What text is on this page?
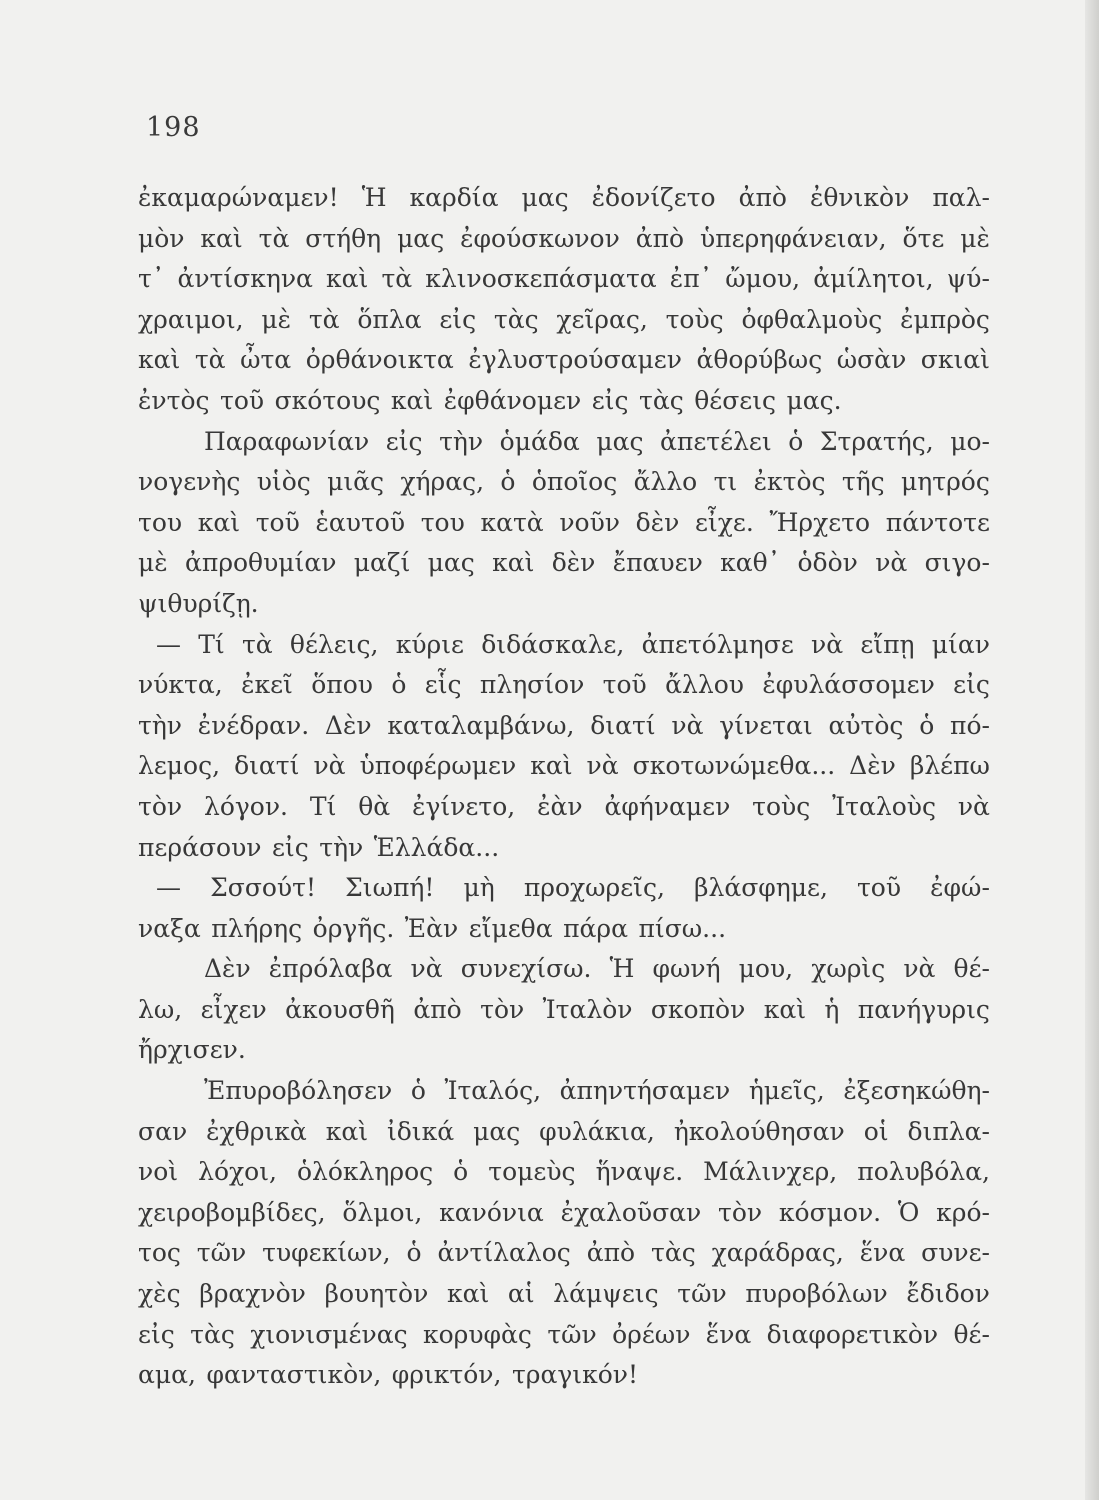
198
ἐκαμαρώναμεν! Ἡ καρδία μας ἐδονίζετο ἀπὸ ἐθνικὸν παλ-
μὸν καὶ τὰ στήθη μας ἐφούσκωνον ἀπὸ ὑπερηφάνειαν, ὅτε μὲ
τ᾿ ἀντίσκηνα καὶ τὰ κλινοσκεπάσματα ἐπ᾿ ὤμου, ἀμίλητοι, ψύ-
χραιμοι, μὲ τὰ ὅπλα εἰς τὰς χεῖρας, τοὺς ὀφθαλμοὺς ἐμπρὸς
καὶ τὰ ὦτα ὀρθάνοικτα ἐγλυστρούσαμεν ἀθορύβως ὡσὰν σκιαὶ
ἐντὸς τοῦ σκότους καὶ ἐφθάνομεν εἰς τὰς θέσεις μας.
Παραφωνίαν εἰς τὴν ὁμάδα μας ἀπετέλει ὁ Στρατής, μο-
νογενὴς υἱὸς μιᾶς χήρας, ὁ ὁποῖος ἄλλο τι ἐκτὸς τῆς μητρός
του καὶ τοῦ ἑαυτοῦ του κατὰ νοῦν δὲν εἶχε. Ἤρχετο πάντοτε
μὲ ἀπροθυμίαν μαζί μας καὶ δὲν ἔπαυεν καθ᾿ ὁδὸν νὰ σιγο-
ψιθυρίζῃ.
— Τί τὰ θέλεις, κύριε διδάσκαλε, ἀπετόλμησε νὰ εἴπῃ μίαν
νύκτα, ἐκεῖ ὅπου ὁ εἷς πλησίον τοῦ ἄλλου ἐφυλάσσομεν εἰς
τὴν ἐνέδραν. Δὲν καταλαμβάνω, διατί νὰ γίνεται αὐτὸς ὁ πό-
λεμος, διατί νὰ ὑποφέρωμεν καὶ νὰ σκοτωνώμεθα... Δὲν βλέπω
τὸν λόγον. Τί θὰ ἐγίνετο, ἐὰν ἀφήναμεν τοὺς Ἰταλοὺς νὰ
περάσουν εἰς τὴν Ἑλλάδα...
— Σσσούτ! Σιωπή! μὴ προχωρεῖς, βλάσφημε, τοῦ ἐφώ-
ναξα πλήρης ὀργῆς. Ἐὰν εἴμεθα πάρα πίσω...
Δὲν ἐπρόλαβα νὰ συνεχίσω. Ἡ φωνή μου, χωρὶς νὰ θέ-
λω, εἶχεν ἀκουσθῆ ἀπὸ τὸν Ἰταλὸν σκοπὸν καὶ ἡ πανήγυρις
ἤρχισεν.
Ἐπυροβόλησεν ὁ Ἰταλός, ἀπηντήσαμεν ἡμεῖς, ἐξεσηκώθη-
σαν ἐχθρικὰ καὶ ἰδικά μας φυλάκια, ἠκολούθησαν οἱ διπλα-
νοὶ λόχοι, ὁλόκληρος ὁ τομεὺς ἥναψε. Μάλινχερ, πολυβόλα,
χειροβομβίδες, ὅλμοι, κανόνια ἐχαλοῦσαν τὸν κόσμον. Ὁ κρό-
τος τῶν τυφεκίων, ὁ ἀντίλαλος ἀπὸ τὰς χαράδρας, ἕνα συνε-
χὲς βραχνὸν βουητὸν καὶ αἱ λάμψεις τῶν πυροβόλων ἔδιδον
εἰς τὰς χιονισμένας κορυφὰς τῶν ὀρέων ἕνα διαφορετικὸν θέ-
αμα, φανταστικὸν, φρικτόν, τραγικόν!
